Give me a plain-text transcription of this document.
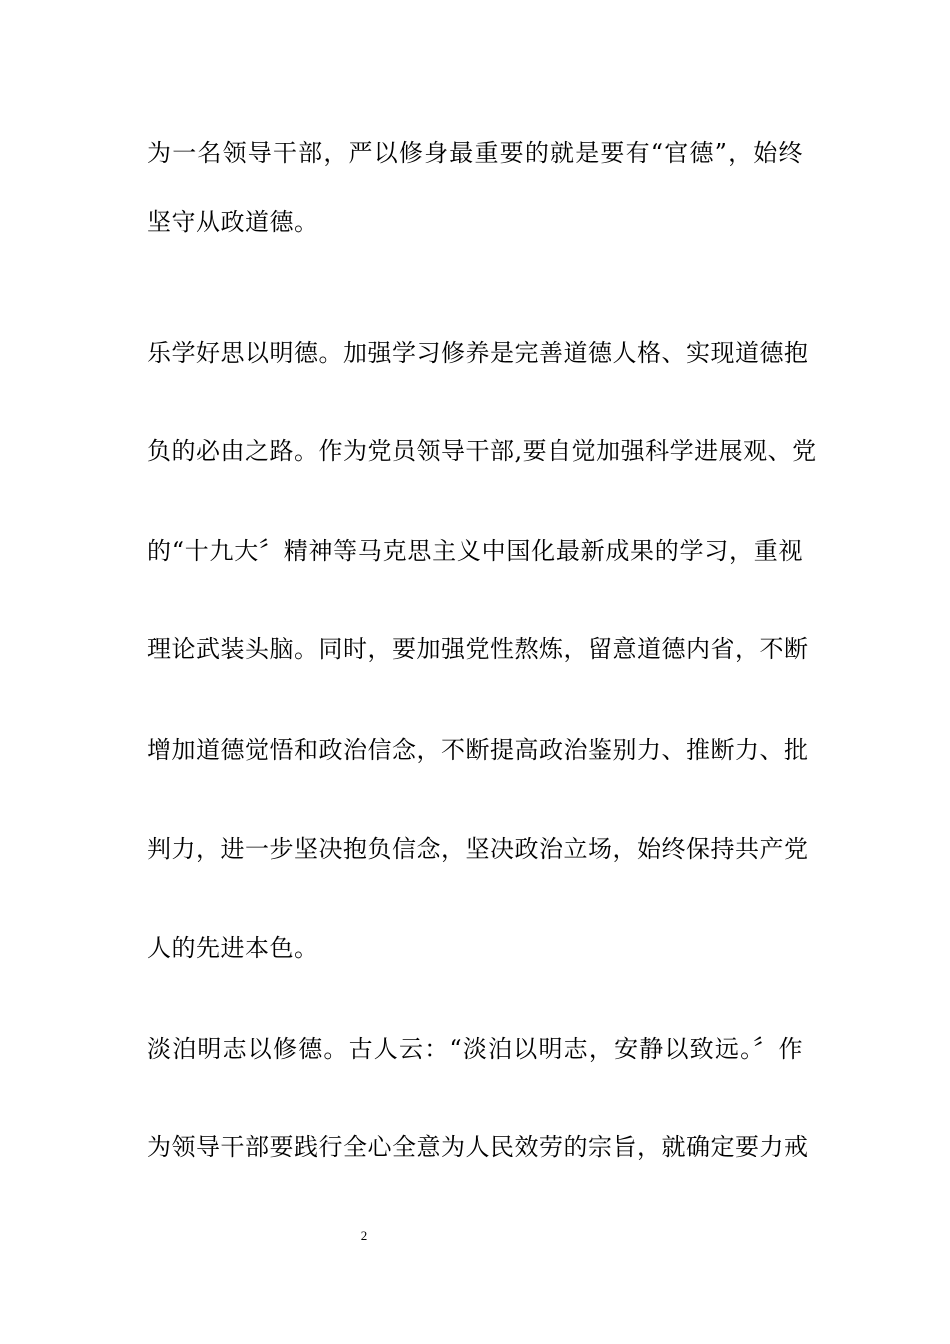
为一名领导干部，严以修身最重要的就是要有“官德”，始终
坚守从政道德。
乐学好思以明德。加强学习修养是完善道德人格、实现道德抱
负的必由之路。作为党员领导干部,要自觉加强科学进展观、党
的“十九大〞精神等马克思主义中国化最新成果的学习，重视
理论武装头脑。同时，要加强党性熬炼，留意道德内省，不断
增加道德觉悟和政治信念，不断提高政治鉴别力、推断力、批
判力，进一步坚决抱负信念，坚决政治立场，始终保持共产党
人的先进本色。
淡泊明志以修德。古人云：“淡泊以明志，安静以致远。〞作
为领导干部要践行全心全意为人民效劳的宗旨，就确定要力戒
2
